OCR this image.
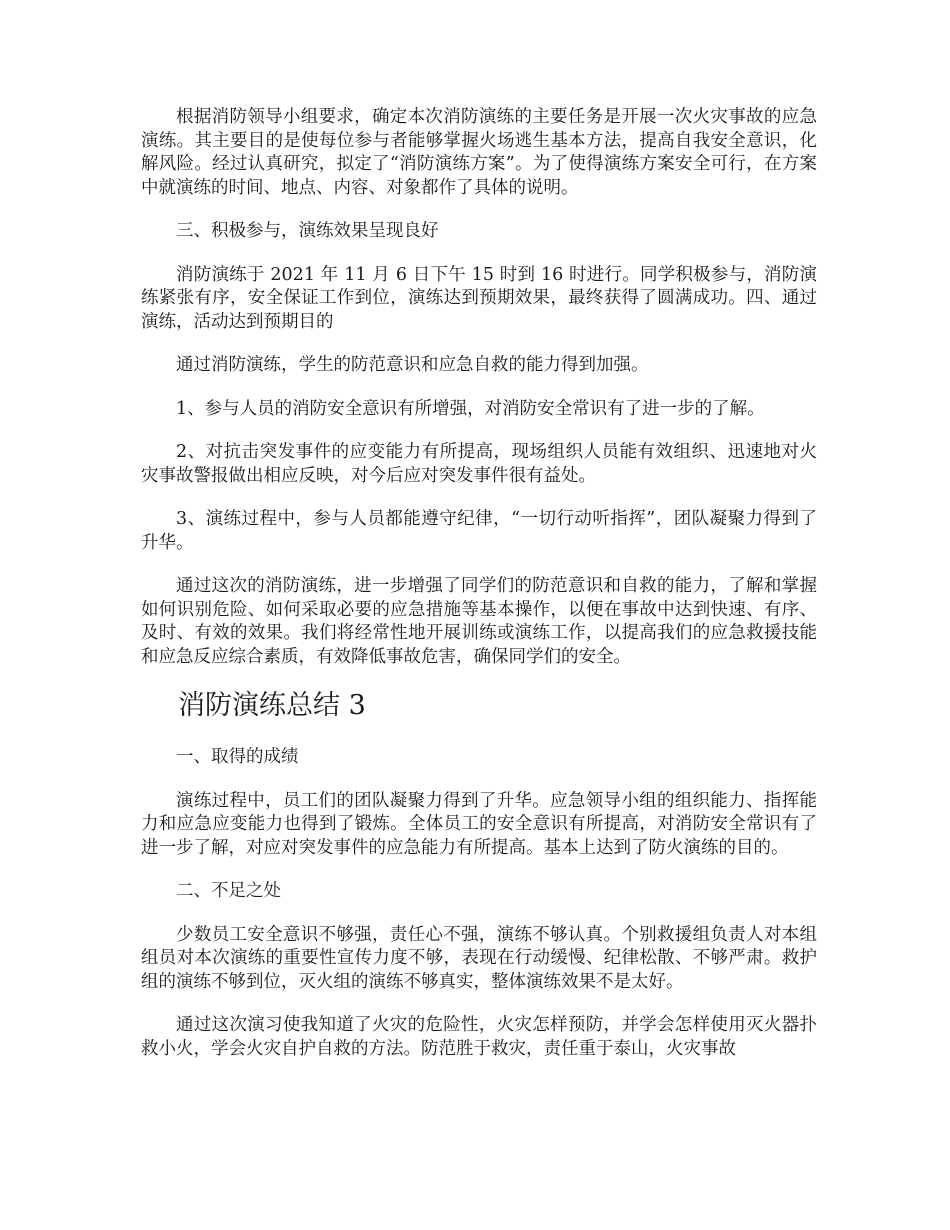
根据消防领导小组要求，确定本次消防演练的主要任务是开展一次火灾事故的应急演练。其主要目的是使每位参与者能够掌握火场逃生基本方法，提高自我安全意识，化解风险。经过认真研究，拟定了“消防演练方案”。为了使得演练方案安全可行，在方案中就演练的时间、地点、内容、对象都作了具体的说明。

三、积极参与，演练效果呈现良好

消防演练于 2021 年 11 月 6 日下午 15 时到 16 时进行。同学积极参与，消防演练紧张有序，安全保证工作到位，演练达到预期效果，最终获得了圆满成功。四、通过演练，活动达到预期目的

通过消防演练，学生的防范意识和应急自救的能力得到加强。

1、参与人员的消防安全意识有所增强，对消防安全常识有了进一步的了解。

2、对抗击突发事件的应变能力有所提高，现场组织人员能有效组织、迅速地对火灾事故警报做出相应反映，对今后应对突发事件很有益处。

3、演练过程中，参与人员都能遵守纪律，“一切行动听指挥”，团队凝聚力得到了升华。

通过这次的消防演练，进一步增强了同学们的防范意识和自救的能力，了解和掌握如何识别危险、如何采取必要的应急措施等基本操作，以便在事故中达到快速、有序、及时、有效的效果。我们将经常性地开展训练或演练工作，以提高我们的应急救援技能和应急反应综合素质，有效降低事故危害，确保同学们的安全。

消防演练总结 3

一、取得的成绩

演练过程中，员工们的团队凝聚力得到了升华。应急领导小组的组织能力、指挥能力和应急应变能力也得到了锻炼。全体员工的安全意识有所提高，对消防安全常识有了进一步了解，对应对突发事件的应急能力有所提高。基本上达到了防火演练的目的。

二、不足之处

少数员工安全意识不够强，责任心不强，演练不够认真。个别救援组负责人对本组组员对本次演练的重要性宣传力度不够，表现在行动缓慢、纪律松散、不够严肃。救护组的演练不够到位，灭火组的演练不够真实，整体演练效果不是太好。

通过这次演习使我知道了火灾的危险性，火灾怎样预防，并学会怎样使用灭火器扑救小火，学会火灾自护自救的方法。防范胜于救灾，责任重于泰山，火灾事故
